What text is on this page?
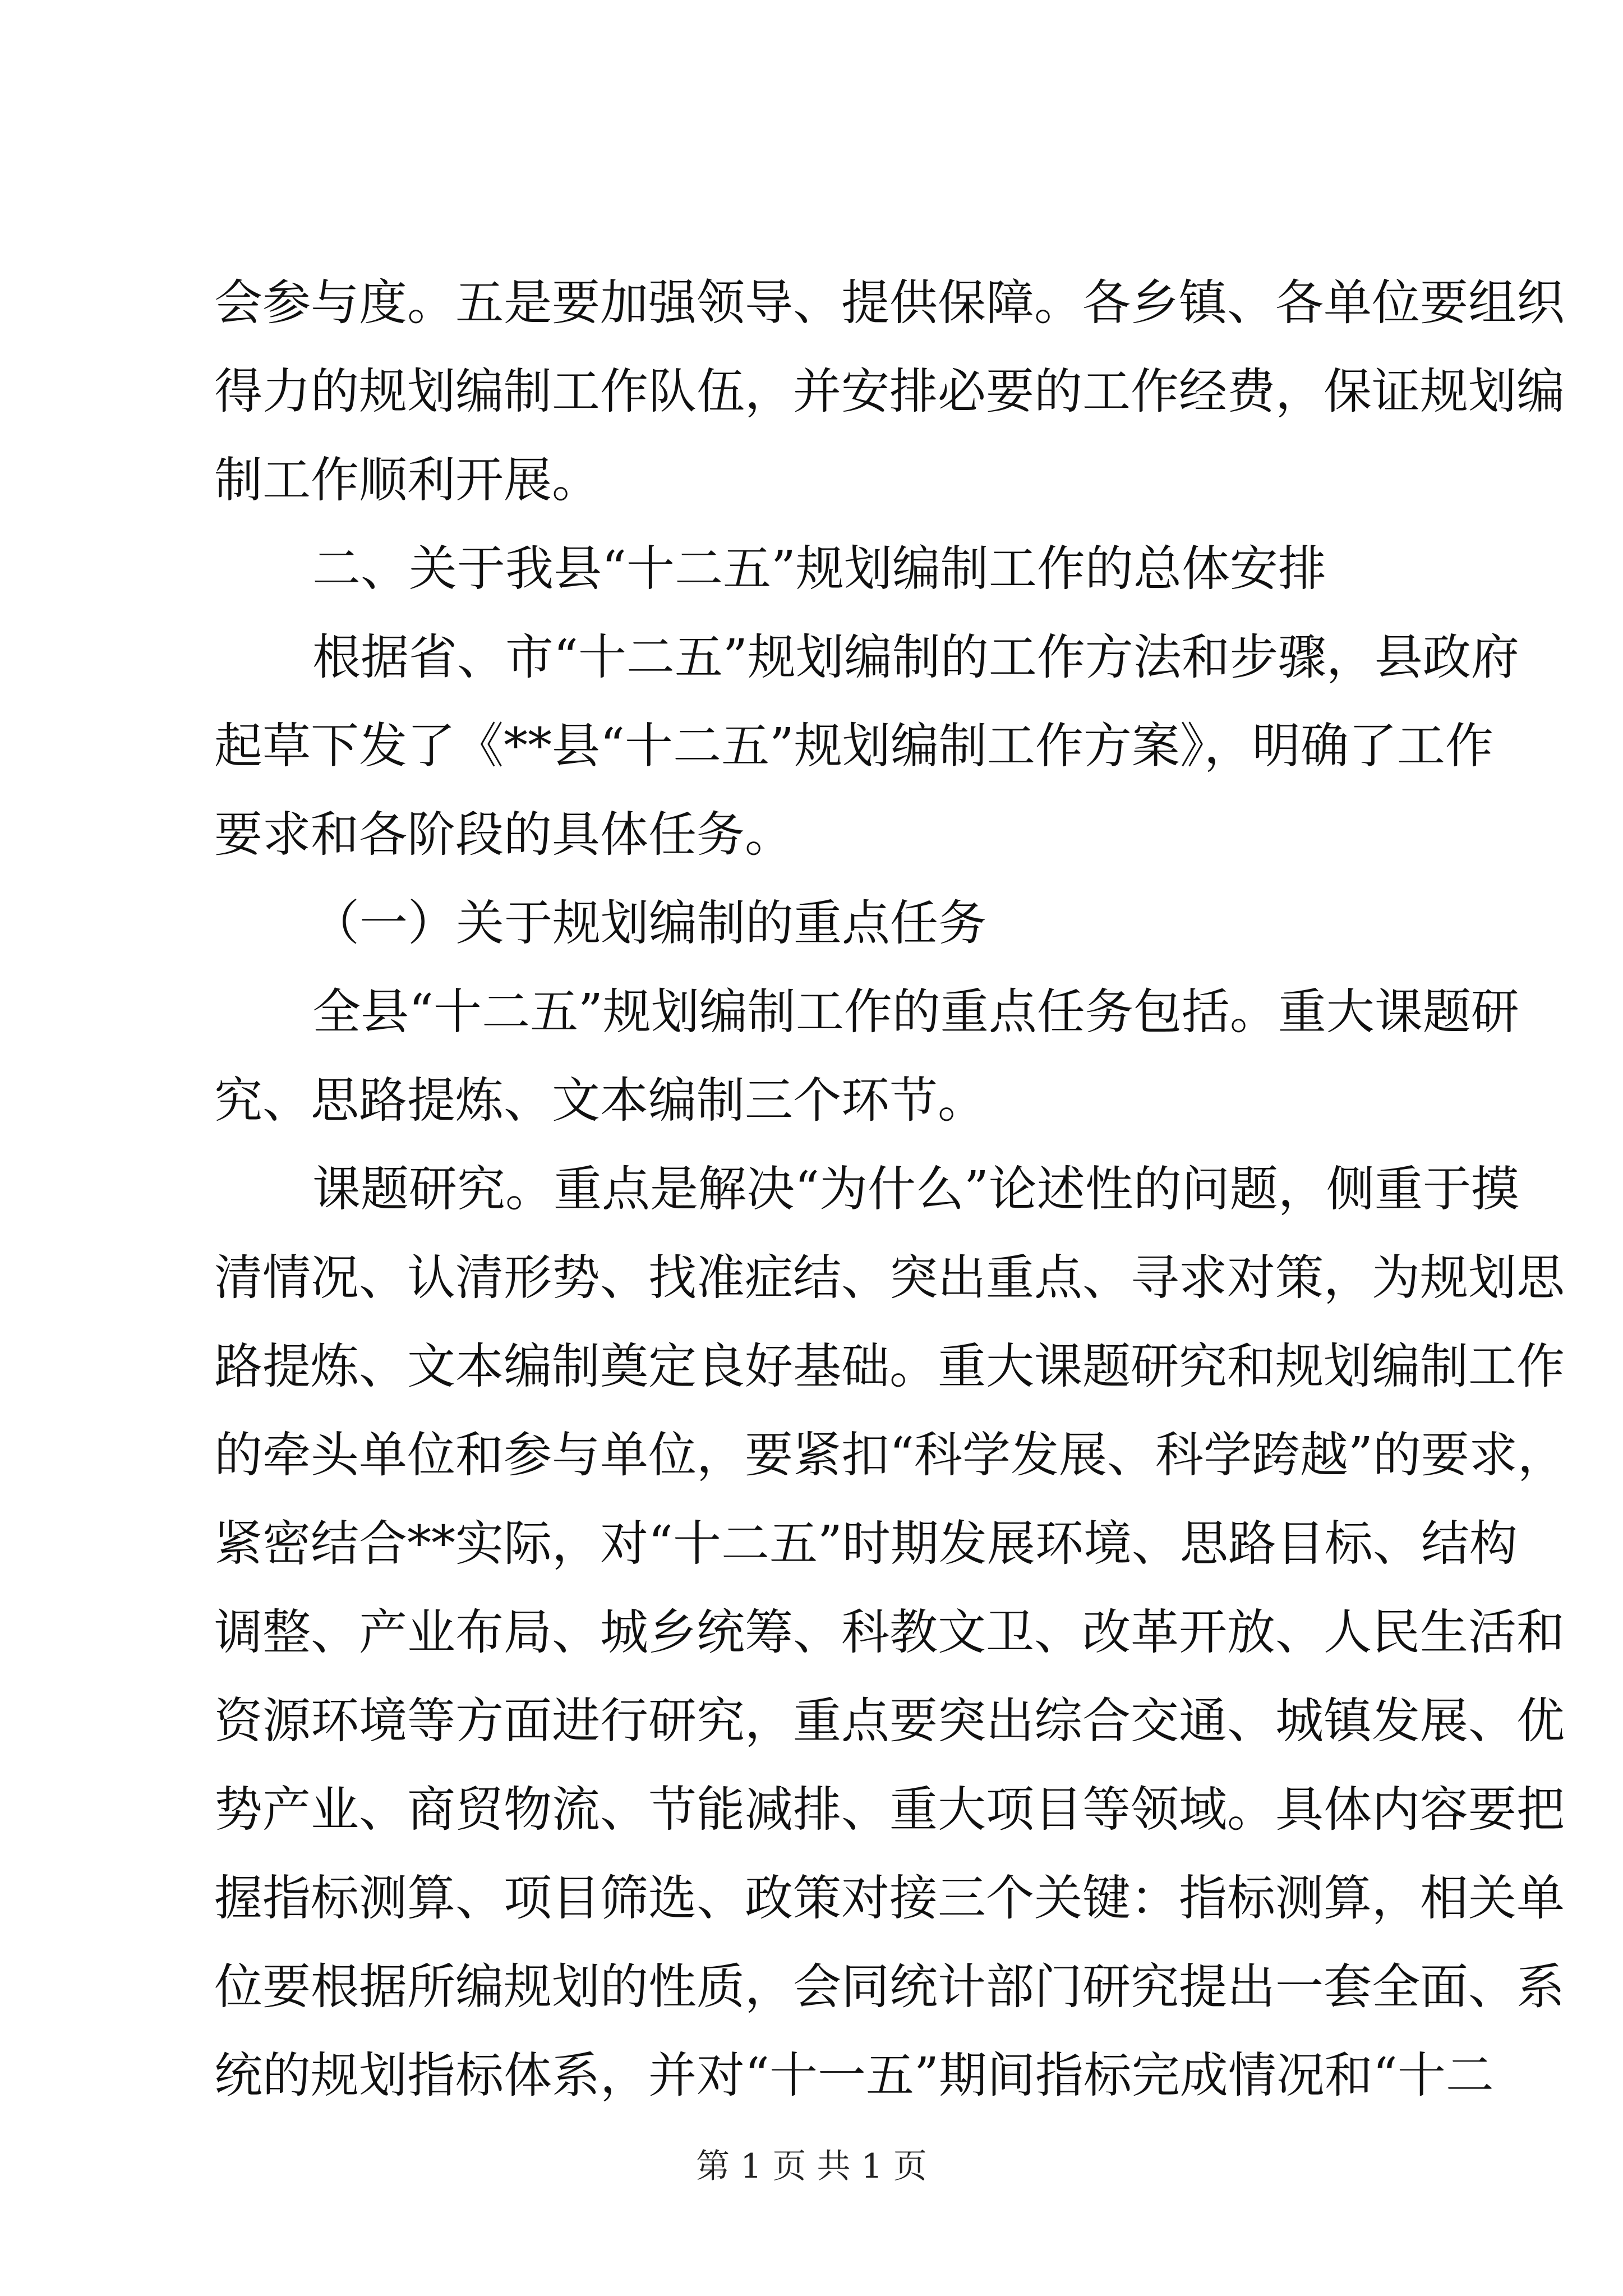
会参与度。五是要加强领导、提供保障。各乡镇、各单位要组织
得力的规划编制工作队伍，并安排必要的工作经费，保证规划编
制工作顺利开展。
二、关于我县“十二五”规划编制工作的总体安排
根据省、市“十二五”规划编制的工作方法和步骤，县政府
起草下发了《**县“十二五”规划编制工作方案》，明确了工作
要求和各阶段的具体任务。
（一）关于规划编制的重点任务
全县“十二五”规划编制工作的重点任务包括。重大课题研
究、思路提炼、文本编制三个环节。
课题研究。重点是解决“为什么”论述性的问题，侧重于摸
清情况、认清形势、找准症结、突出重点、寻求对策，为规划思
路提炼、文本编制奠定良好基础。重大课题研究和规划编制工作
的牵头单位和参与单位，要紧扣“科学发展、科学跨越”的要求，
紧密结合**实际，对“十二五”时期发展环境、思路目标、结构
调整、产业布局、城乡统筹、科教文卫、改革开放、人民生活和
资源环境等方面进行研究，重点要突出综合交通、城镇发展、优
势产业、商贸物流、节能减排、重大项目等领域。具体内容要把
握指标测算、项目筛选、政策对接三个关键：指标测算，相关单
位要根据所编规划的性质，会同统计部门研究提出一套全面、系
统的规划指标体系，并对“十一五”期间指标完成情况和“十二
第 1 页 共 1 页
